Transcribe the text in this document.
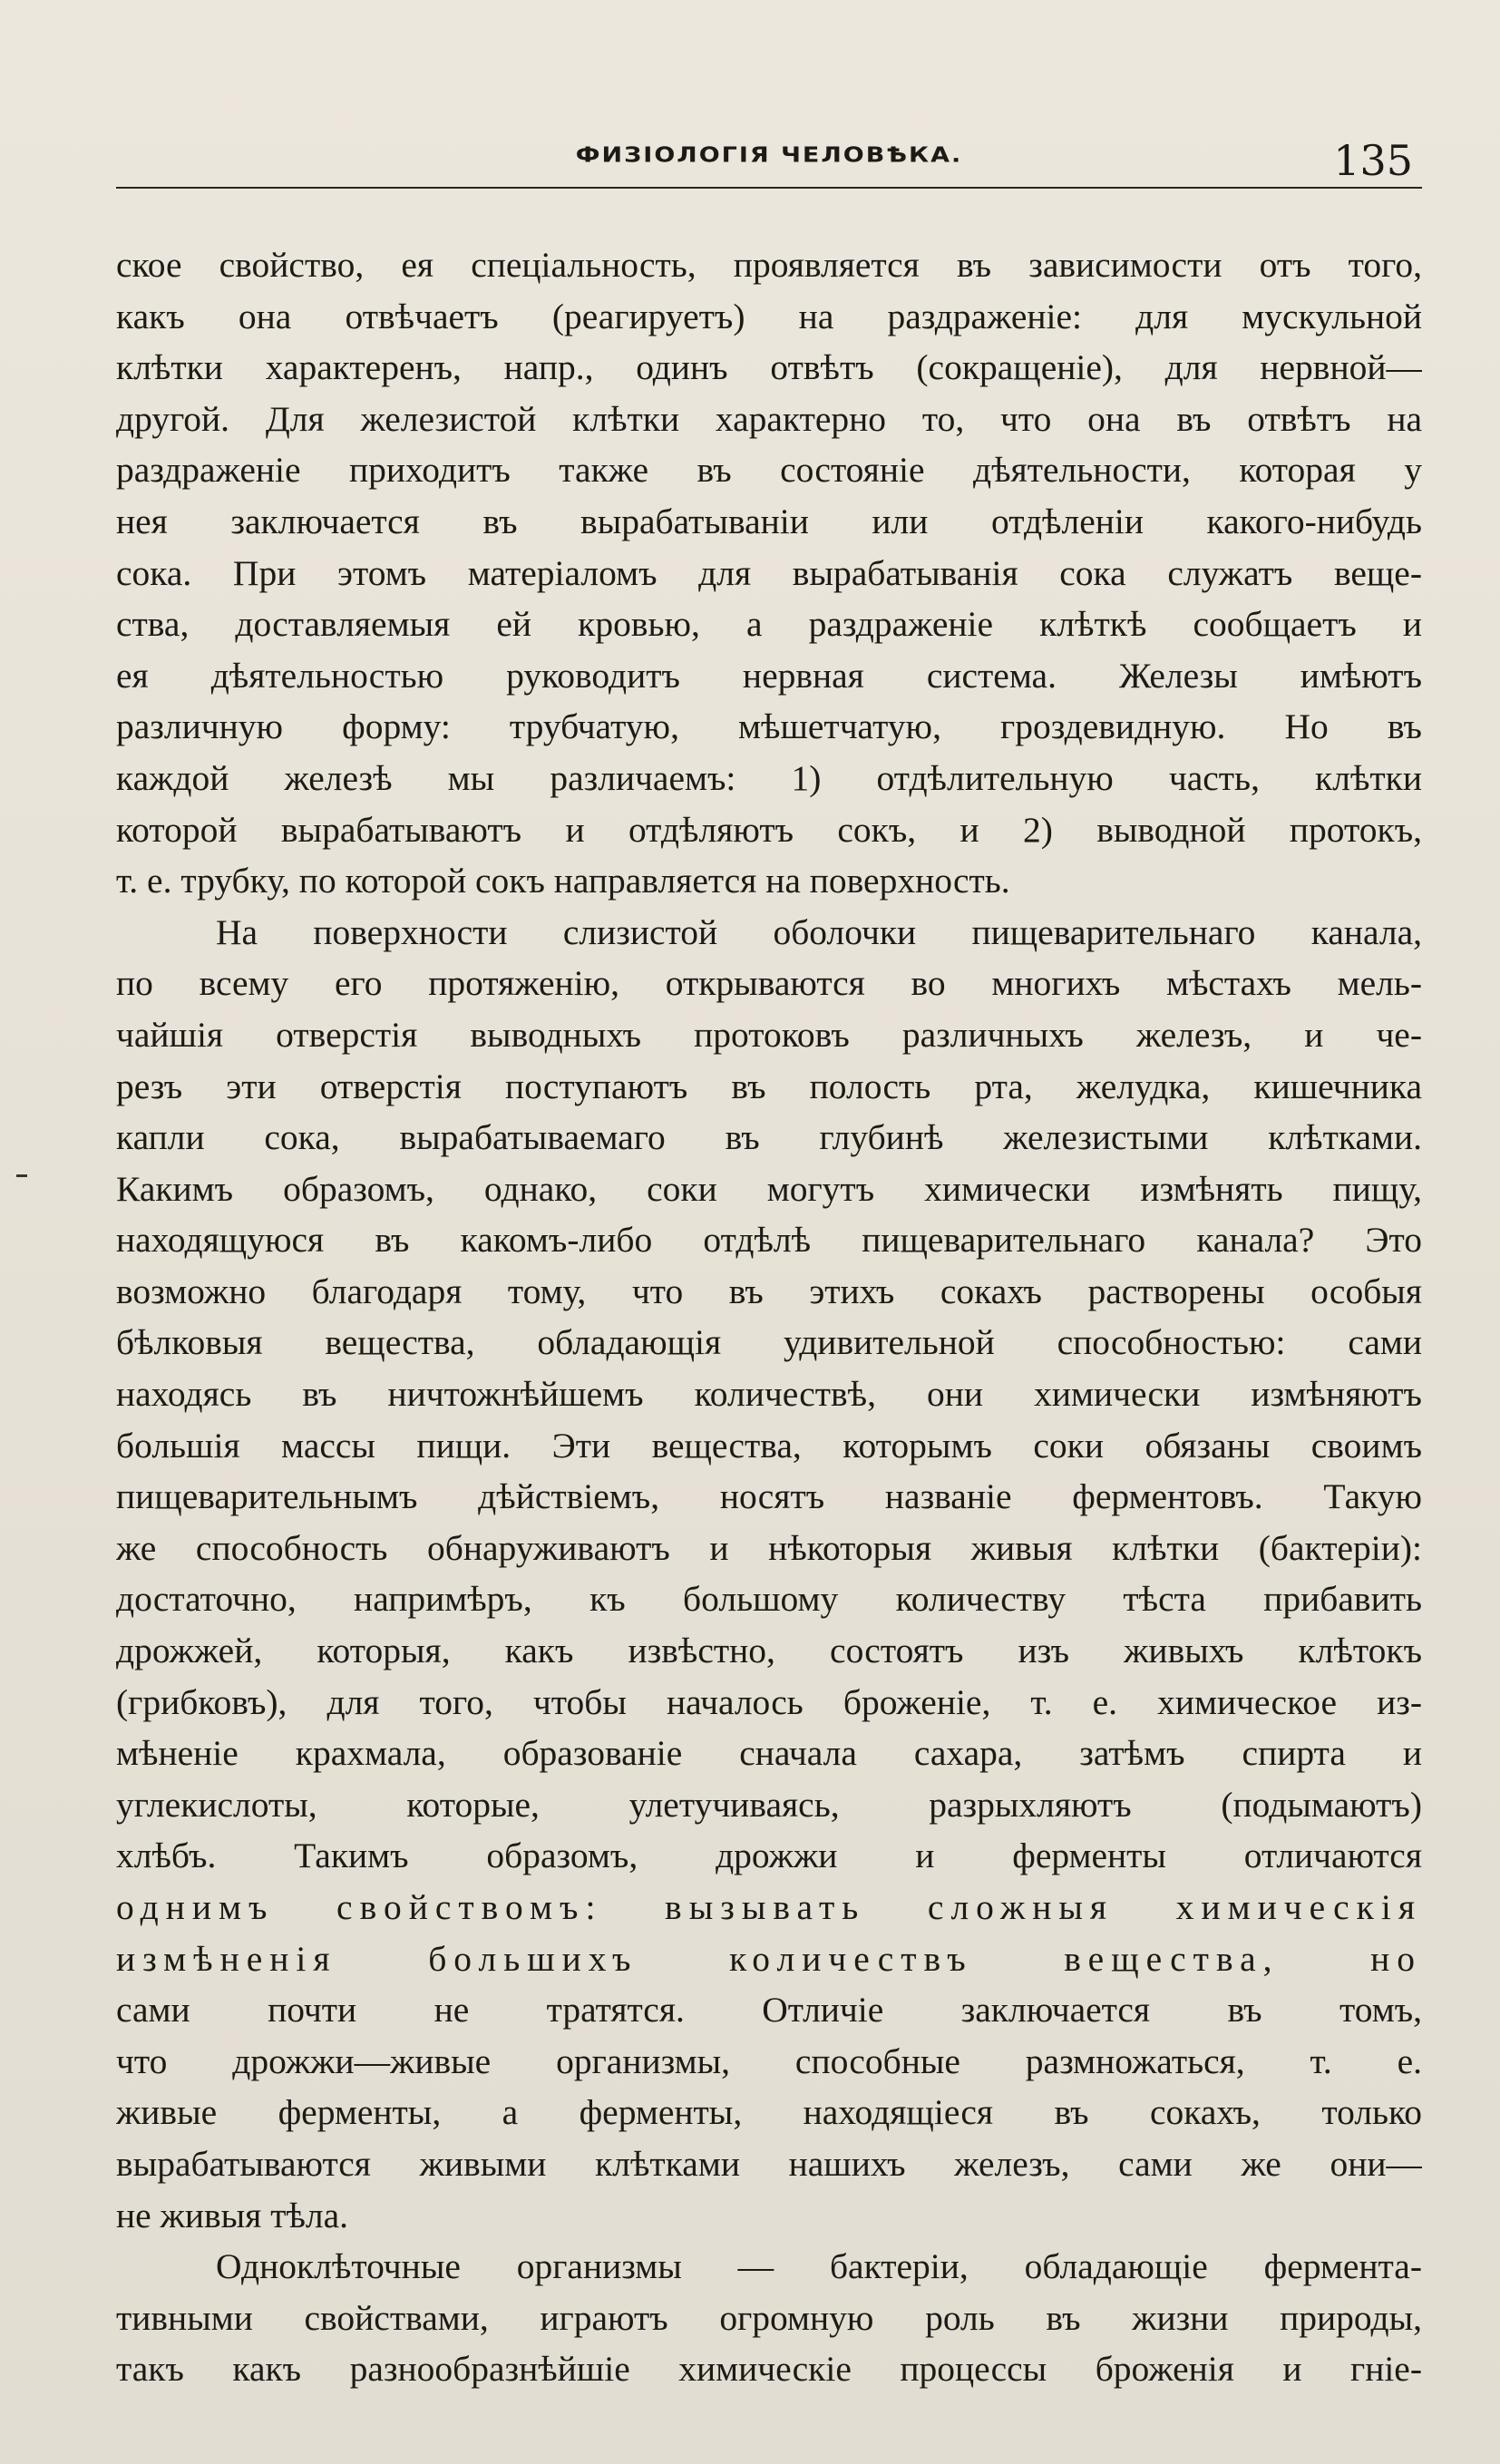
ФИЗІОЛОГІЯ ЧЕЛОВѢКА.	135
ское свойство, ея спеціальность, проявляется въ зависимости отъ того,
какъ она отвѣчаетъ (реагируетъ) на раздраженіе: для мускульной
клѣтки характеренъ, напр., одинъ отвѣтъ (сокращеніе), для нервной—
другой. Для железистой клѣтки характерно то, что она въ отвѣтъ на
раздраженіе приходитъ также въ состояніе дѣятельности, которая у
нея заключается въ вырабатываніи или отдѣленіи какого-нибудь
сока. При этомъ матеріаломъ для вырабатыванія сока служатъ веще-
ства, доставляемыя ей кровью, а раздраженіе клѣткѣ сообщаетъ и
ея дѣятельностью руководитъ нервная система. Железы имѣютъ
различную форму: трубчатую, мѣшетчатую, гроздевидную. Но въ
каждой железѣ мы различаемъ: 1) отдѣлительную часть, клѣтки
которой вырабатываютъ и отдѣляютъ сокъ, и 2) выводной протокъ,
т. е. трубку, по которой сокъ направляется на поверхность.
На поверхности слизистой оболочки пищеварительнаго канала,
по всему его протяженію, открываются во многихъ мѣстахъ мель-
чайшія отверстія выводныхъ протоковъ различныхъ железъ, и че-
резъ эти отверстія поступаютъ въ полость рта, желудка, кишечника
капли сока, вырабатываемаго въ глубинѣ железистыми клѣтками.
Какимъ образомъ, однако, соки могутъ химически измѣнять пищу,
находящуюся въ какомъ-либо отдѣлѣ пищеварительнаго канала? Это
возможно благодаря тому, что въ этихъ сокахъ растворены особыя
бѣлковыя вещества, обладающія удивительной способностью: сами
находясь въ ничтожнѣйшемъ количествѣ, они химически измѣняютъ
большія массы пищи. Эти вещества, которымъ соки обязаны своимъ
пищеварительнымъ дѣйствіемъ, носятъ названіе ферментовъ. Такую
же способность обнаруживаютъ и нѣкоторыя живыя клѣтки (бактеріи):
достаточно, напримѣръ, къ большому количеству тѣста прибавить
дрожжей, которыя, какъ извѣстно, состоятъ изъ живыхъ клѣтокъ
(грибковъ), для того, чтобы началось броженіе, т. е. химическое из-
мѣненіе крахмала, образованіе сначала сахара, затѣмъ спирта и
углекислоты, которые, улетучиваясь, разрыхляютъ (подымаютъ)
хлѣбъ. Такимъ образомъ, дрожжи и ферменты отличаются
однимъ свойствомъ: вызывать сложныя химическія
измѣненія большихъ количествъ вещества, но
сами почти не тратятся. Отличіе заключается въ томъ,
что дрожжи—живые организмы, способные размножаться, т. е.
живые ферменты, а ферменты, находящіеся въ сокахъ, только
вырабатываются живыми клѣтками нашихъ железъ, сами же они—
не живыя тѣла.
Одноклѣточные организмы — бактеріи, обладающіе фермента-
тивными свойствами, играютъ огромную роль въ жизни природы,
такъ какъ разнообразнѣйшіе химическіе процессы броженія и гніе-
